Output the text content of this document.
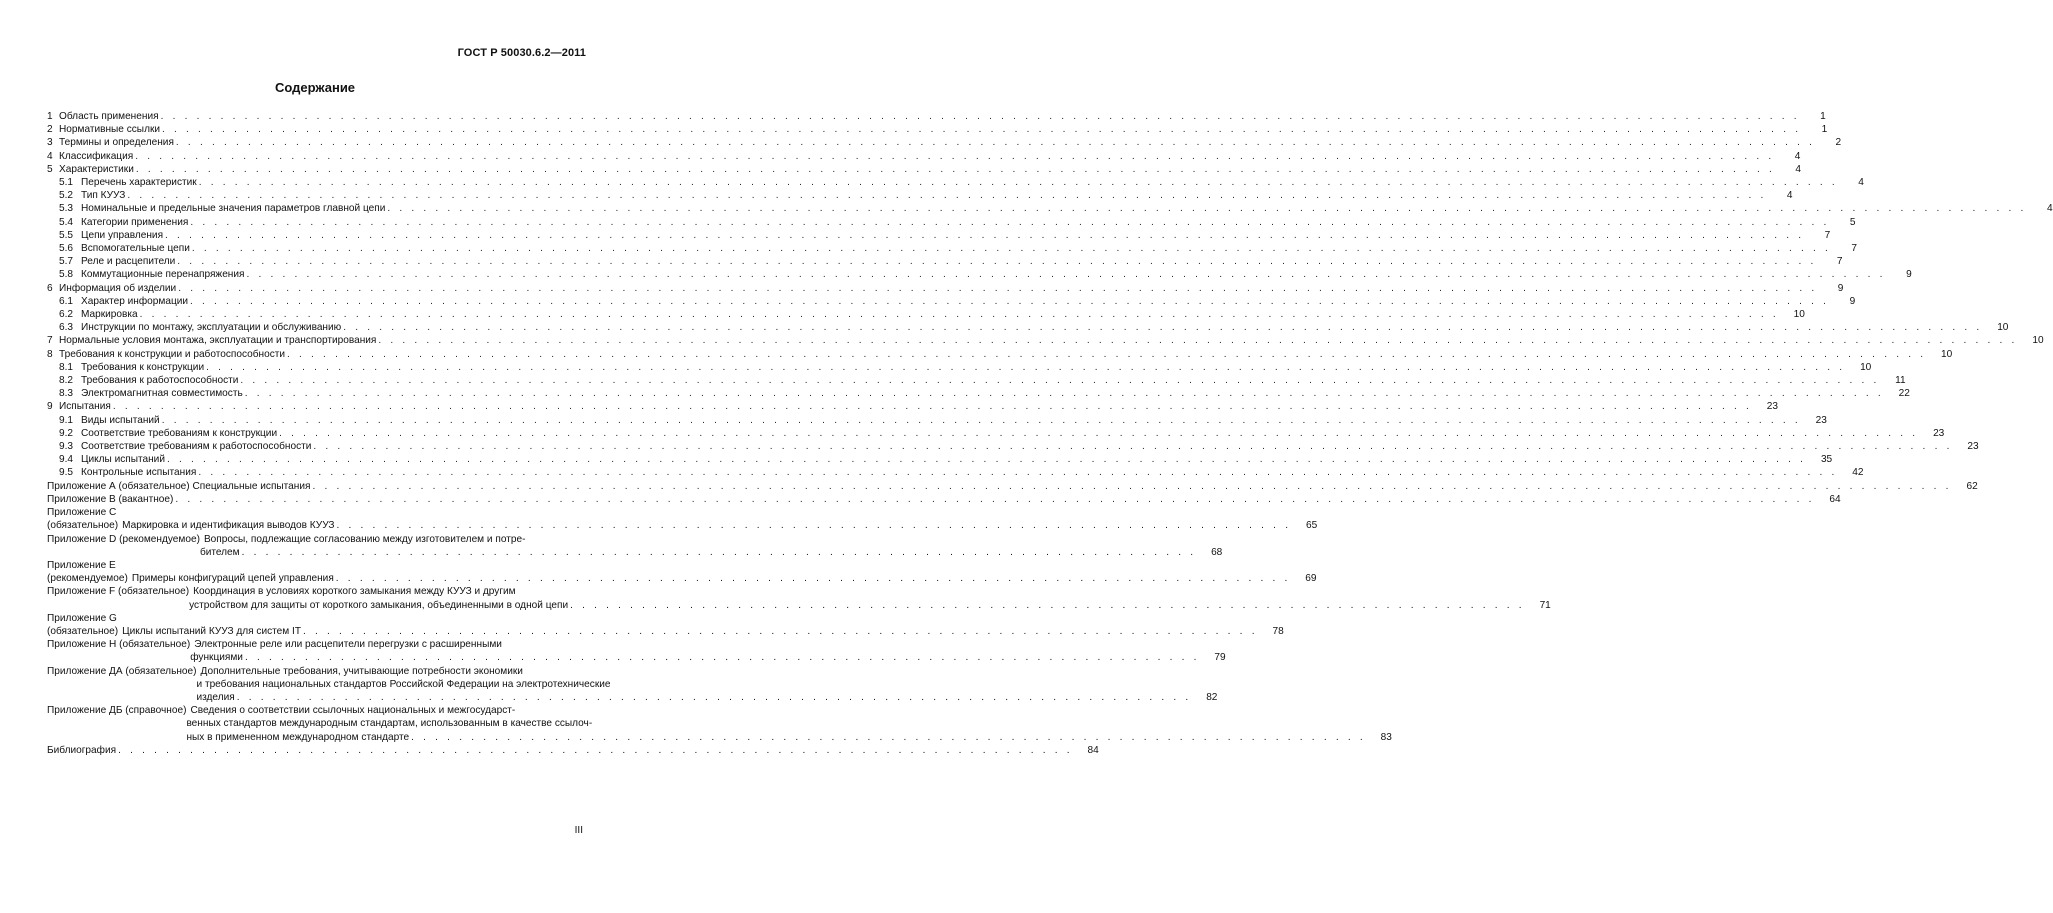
ГОСТ Р 50030.6.2—2011
Содержание
1 Область применения . . .	1
2 Нормативные ссылки . . .	1
3 Термины и определения . . .	2
4 Классификация . . .	4
5 Характеристики . . .	4
5.1 Перечень характеристик . . .	4
5.2 Тип КУУЗ . . .	4
5.3 Номинальные и предельные значения параметров главной цепи . . .	4
5.4 Категории применения . . .	5
5.5 Цепи управления . . .	7
5.6 Вспомогательные цепи . . .	7
5.7 Реле и расцепители . . .	7
5.8 Коммутационные перенапряжения . . .	9
6 Информация об изделии . . .	9
6.1 Характер информации . . .	9
6.2 Маркировка . . .	10
6.3 Инструкции по монтажу, эксплуатации и обслуживанию . . .	10
7 Нормальные условия монтажа, эксплуатации и транспортирования . . .	10
8 Требования к конструкции и работоспособности . . .	10
8.1 Требования к конструкции . . .	10
8.2 Требования к работоспособности . . .	11
8.3 Электромагнитная совместимость . . .	22
9 Испытания . . .	23
9.1 Виды испытаний . . .	23
9.2 Соответствие требованиям к конструкции . . .	23
9.3 Соответствие требованиям к работоспособности . . .	23
9.4 Циклы испытаний . . .	35
9.5 Контрольные испытания . . .	42
Приложение А (обязательное) Специальные испытания . . .	62
Приложение В (вакантное) . . .	64
Приложение С (обязательное) Маркировка и идентификация выводов КУУЗ . . .	65
Приложение D (рекомендуемое) Вопросы, подлежащие согласованию между изготовителем и потре-
бителем . . .	68
Приложение Е (рекомендуемое) Примеры конфигураций цепей управления . . .	69
Приложение F (обязательное) Координация в условиях короткого замыкания между КУУЗ и другим
устройством для защиты от короткого замыкания, объединенными в одной цепи . . .	71
Приложение G (обязательное) Циклы испытаний КУУЗ для систем IT . . .	78
Приложение Н (обязательное) Электронные реле или расцепители перегрузки с расширенными
функциями . . .	79
Приложение ДА (обязательное) Дополнительные требования, учитывающие потребности экономики
и требования национальных стандартов Российской Федерации на электротехнические
изделия . . .	82
Приложение ДБ (справочное) Сведения о соответствии ссылочных национальных и межгосударст-
венных стандартов международным стандартам, использованным в качестве ссылоч-
ных в примененном международном стандарте . . .	83
Библиография . . .	84
III
